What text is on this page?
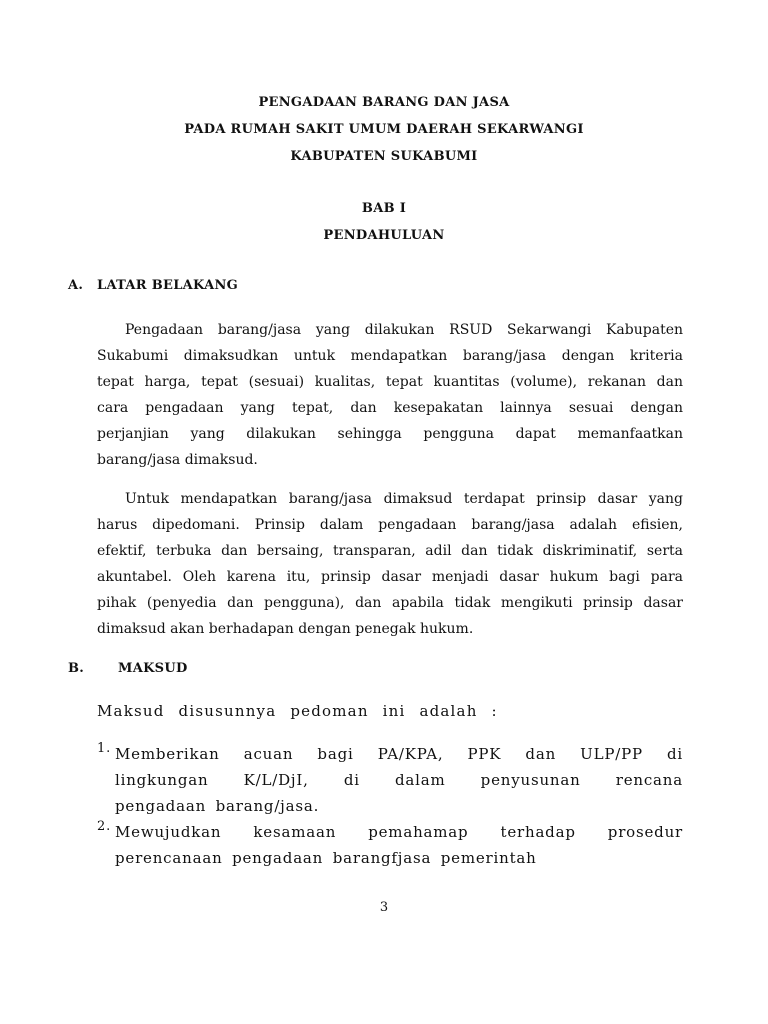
PENGADAAN BARANG DAN JASA
PADA RUMAH SAKIT UMUM DAERAH SEKARWANGI
KABUPATEN SUKABUMI
BAB I
PENDAHULUAN
A. LATAR BELAKANG
Pengadaan barang/jasa yang dilakukan RSUD Sekarwangi Kabupaten
Sukabumi dimaksudkan untuk mendapatkan barang/jasa dengan kriteria
tepat harga, tepat (sesuai) kualitas, tepat kuantitas (volume), rekanan dan
cara pengadaan yang tepat, dan kesepakatan lainnya sesuai dengan
perjanjian yang dilakukan sehingga pengguna dapat memanfaatkan
barang/jasa dimaksud.
Untuk mendapatkan barang/jasa dimaksud terdapat prinsip dasar yang
harus dipedomani. Prinsip dalam pengadaan barang/jasa adalah efisien,
efektif, terbuka dan bersaing, transparan, adil dan tidak diskriminatif, serta
akuntabel. Oleh karena itu, prinsip dasar menjadi dasar hukum bagi para
pihak (penyedia dan pengguna), dan apabila tidak mengikuti prinsip dasar
dimaksud akan berhadapan dengan penegak hukum.
B.	MAKSUD
Maksud disusunnya pedoman ini adalah :
1. Memberikan acuan bagi PA/KPA, PPK dan ULP/PP di
lingkungan K/L/DjI, di dalam penyusunan rencana
pengadaan barang/jasa.
2. Mewujudkan kesamaan pemahamap terhadap prosedur
perencanaan pengadaan barangfjasa pemerintah
3
